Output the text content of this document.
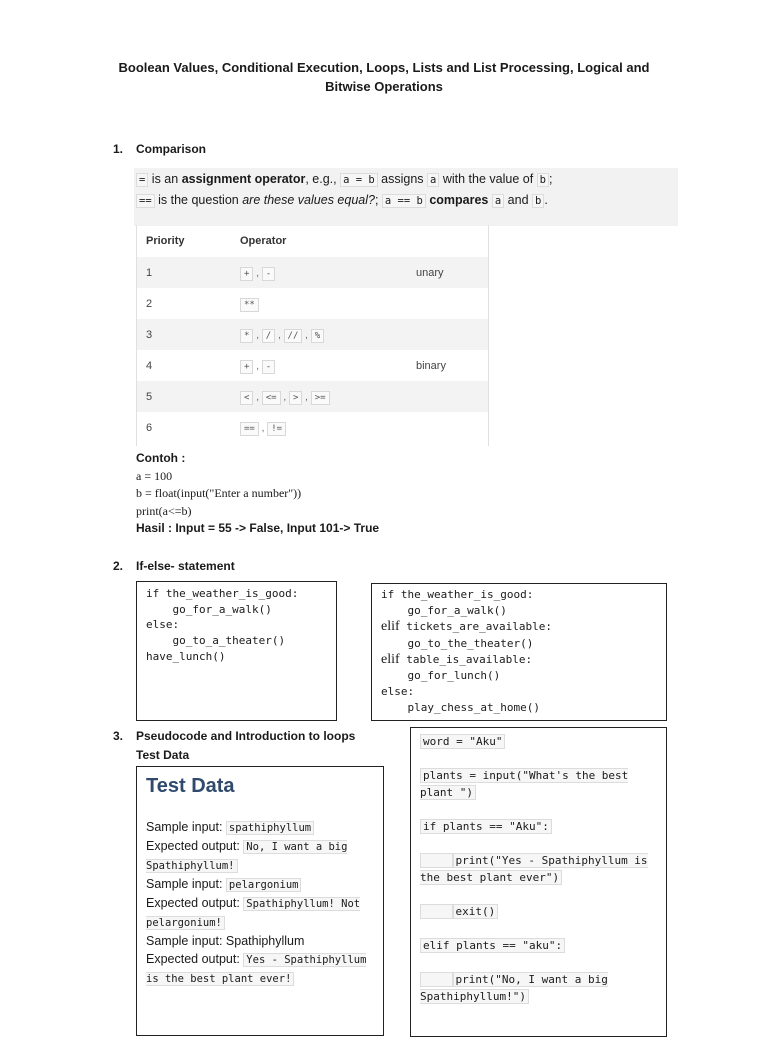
Boolean Values, Conditional Execution, Loops, Lists and List Processing, Logical and Bitwise Operations
1. Comparison
= is an assignment operator, e.g., a = b assigns a with the value of b ;
== is the question are these values equal?; a == b compares a and b .
Priority	Operator	
1	+ , -	unary
2	**	
3	* , / , // , %	
4	+ , -	binary
5	< , <= , > , >=	
6	== , !=	
Contoh :
a = 100
b = float(input("Enter a number"))
print(a<=b)
Hasil : Input = 55 -> False, Input 101-> True
2. If-else- statement
if the_weather_is_good:
go_for_a_walk()
else:
go_to_a_theater()
have_lunch()
if the_weather_is_good:
go_for_a_walk()
elif tickets_are_available:
go_to_the_theater()
elif table_is_available:
go_for_lunch()
else:
play_chess_at_home()
3. Pseudocode and Introduction to loops
Test Data
Test Data
Sample input: spathiphyllum
Expected output: No, I want a big Spathiphyllum!
Sample input: pelargonium
Expected output: Spathiphyllum! Not pelargonium!
Sample input: Spathiphyllum
Expected output: Yes - Spathiphyllum is the best plant ever!
word = "Aku"
plants = input("What's the best plant ")
if plants == "Aku":
print("Yes - Spathiphyllum is the best plant ever")
exit()
elif plants == "aku":
print("No, I want a big Spathiphyllum!")
